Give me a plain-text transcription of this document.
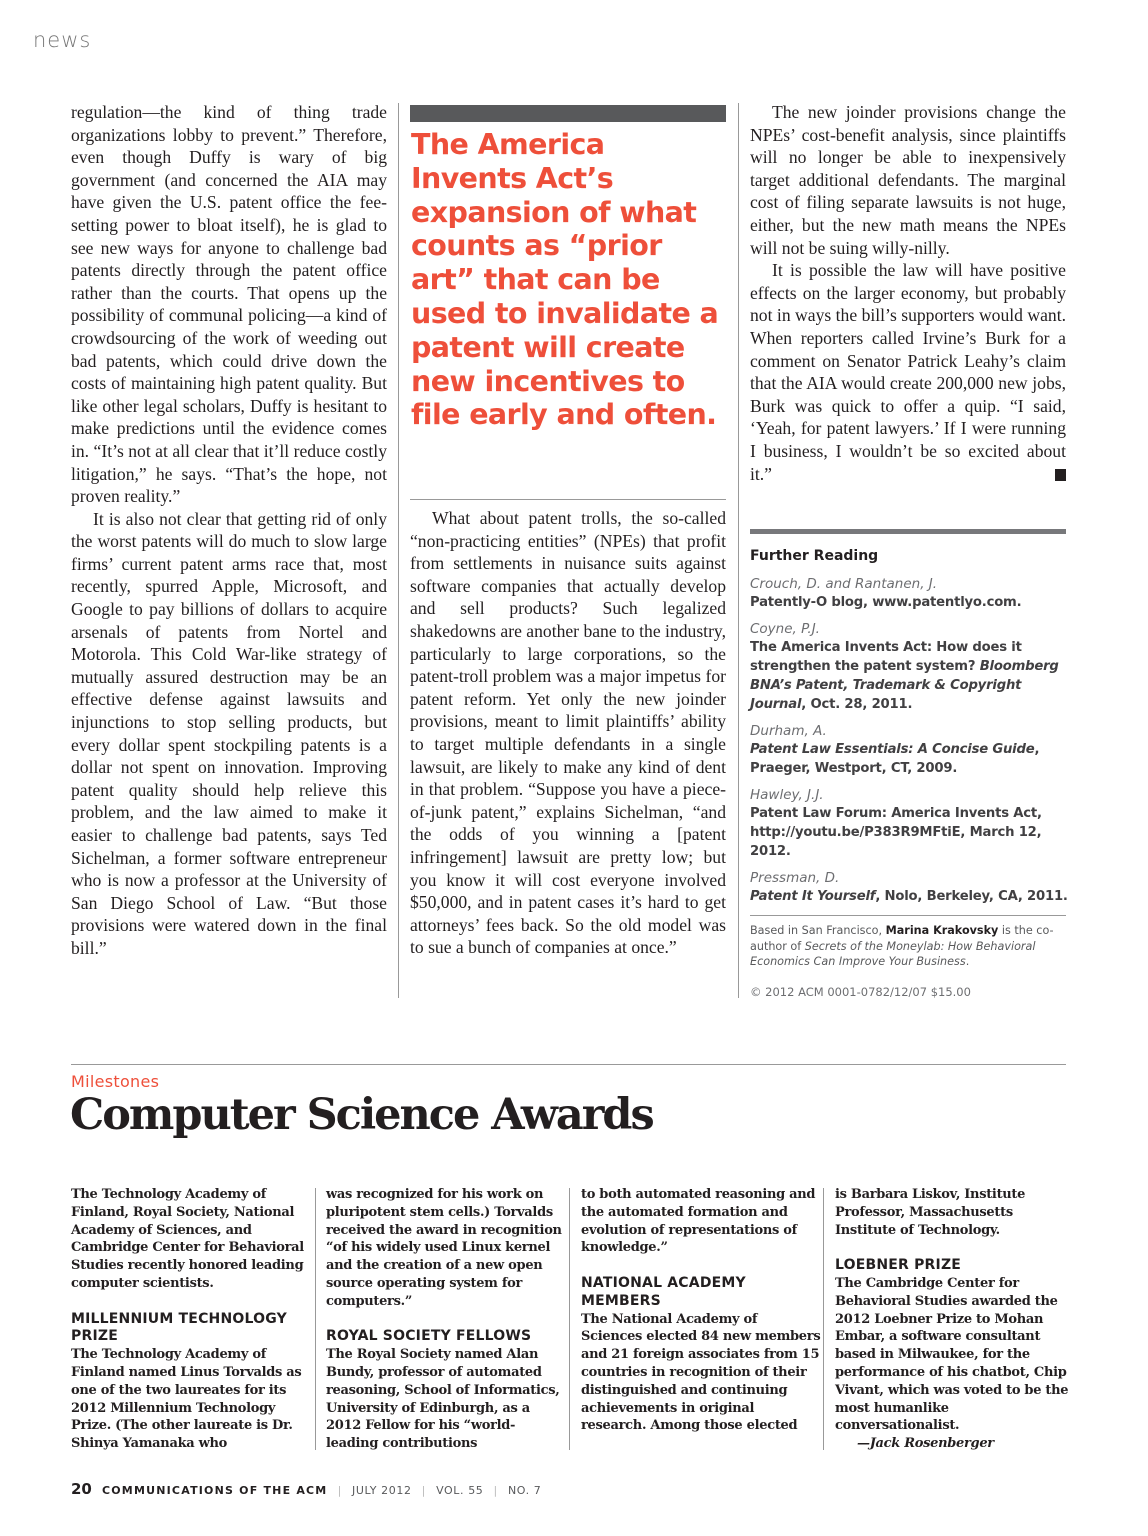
news

regulation—the kind of thing trade organizations lobby to prevent.” Therefore, even though Duffy is wary of big government (and concerned the AIA may have given the U.S. patent office the fee-setting power to bloat itself), he is glad to see new ways for anyone to challenge bad patents directly through the patent office rather than the courts. That opens up the possibility of communal policing—a kind of crowdsourcing of the work of weeding out bad patents, which could drive down the costs of maintaining high patent quality. But like other legal scholars, Duffy is hesitant to make predictions until the evidence comes in. “It’s not at all clear that it’ll reduce costly litigation,” he says. “That’s the hope, not proven reality.”

It is also not clear that getting rid of only the worst patents will do much to slow large firms’ current patent arms race that, most recently, spurred Apple, Microsoft, and Google to pay billions of dollars to acquire arsenals of patents from Nortel and Motorola. This Cold War-like strategy of mutually assured destruction may be an effective defense against lawsuits and injunctions to stop selling products, but every dollar spent stockpiling patents is a dollar not spent on innovation. Improving patent quality should help relieve this problem, and the law aimed to make it easier to challenge bad patents, says Ted Sichelman, a former software entrepreneur who is now a professor at the University of San Diego School of Law. “But those provisions were watered down in the final bill.”

The America Invents Act’s expansion of what counts as “prior art” that can be used to invalidate a patent will create new incentives to file early and often.

What about patent trolls, the so-called “non-practicing entities” (NPEs) that profit from settlements in nuisance suits against software companies that actually develop and sell products? Such legalized shakedowns are another bane to the industry, particularly to large corporations, so the patent-troll problem was a major impetus for patent reform. Yet only the new joinder provisions, meant to limit plaintiffs’ ability to target multiple defendants in a single lawsuit, are likely to make any kind of dent in that problem. “Suppose you have a piece-of-junk patent,” explains Sichelman, “and the odds of you winning a [patent infringement] lawsuit are pretty low; but you know it will cost everyone involved $50,000, and in patent cases it’s hard to get attorneys’ fees back. So the old model was to sue a bunch of companies at once.”

The new joinder provisions change the NPEs’ cost-benefit analysis, since plaintiffs will no longer be able to inexpensively target additional defendants. The marginal cost of filing separate lawsuits is not huge, either, but the new math means the NPEs will not be suing willy-nilly.

It is possible the law will have positive effects on the larger economy, but probably not in ways the bill’s supporters would want. When reporters called Irvine’s Burk for a comment on Senator Patrick Leahy’s claim that the AIA would create 200,000 new jobs, Burk was quick to offer a quip. “I said, ‘Yeah, for patent lawyers.’ If I were running I business, I wouldn’t be so excited about it.”	C

Further Reading
Crouch, D. and Rantanen, J.
Patently-O blog, www.patentlyo.com.
Coyne, P.J.
The America Invents Act: How does it strengthen the patent system? Bloomberg BNA’s Patent, Trademark & Copyright Journal, Oct. 28, 2011.
Durham, A.
Patent Law Essentials: A Concise Guide, Praeger, Westport, CT, 2009.
Hawley, J.J.
Patent Law Forum: America Invents Act, http://youtu.be/P383R9MFtiE, March 12, 2012.
Pressman, D.
Patent It Yourself, Nolo, Berkeley, CA, 2011.
Based in San Francisco, Marina Krakovsky is the co-author of Secrets of the Moneylab: How Behavioral Economics Can Improve Your Business.
© 2012 ACM 0001-0782/12/07 $15.00
Milestones
Computer Science Awards

The Technology Academy of Finland, Royal Society, National Academy of Sciences, and Cambridge Center for Behavioral Studies recently honored leading computer scientists.

MILLENNIUM TECHNOLOGY PRIZE

The Technology Academy of Finland named Linus Torvalds as one of the two laureates for its 2012 Millennium Technology Prize. (The other laureate is Dr. Shinya Yamanaka who

was recognized for his work on pluripotent stem cells.) Torvalds received the award in recognition “of his widely used Linux kernel and the creation of a new open source operating system for computers.”

ROYAL SOCIETY FELLOWS

The Royal Society named Alan Bundy, professor of automated reasoning, School of Informatics, University of Edinburgh, as a 2012 Fellow for his “world-leading contributions

to both automated reasoning and the automated formation and evolution of representations of knowledge.”

NATIONAL ACADEMY MEMBERS

The National Academy of Sciences elected 84 new members and 21 foreign associates from 15 countries in recognition of their distinguished and continuing achievements in original research. Among those elected

is Barbara Liskov, Institute Professor, Massachusetts Institute of Technology.

LOEBNER PRIZE

The Cambridge Center for Behavioral Studies awarded the 2012 Loebner Prize to Mohan Embar, a software consultant based in Milwaukee, for the performance of his chatbot, Chip Vivant, which was voted to be the most humanlike conversationalist.

—Jack Rosenberger

20 COMMUNICATIONS OF THE ACM | JULY 2012 | VOL. 55 | NO. 7
